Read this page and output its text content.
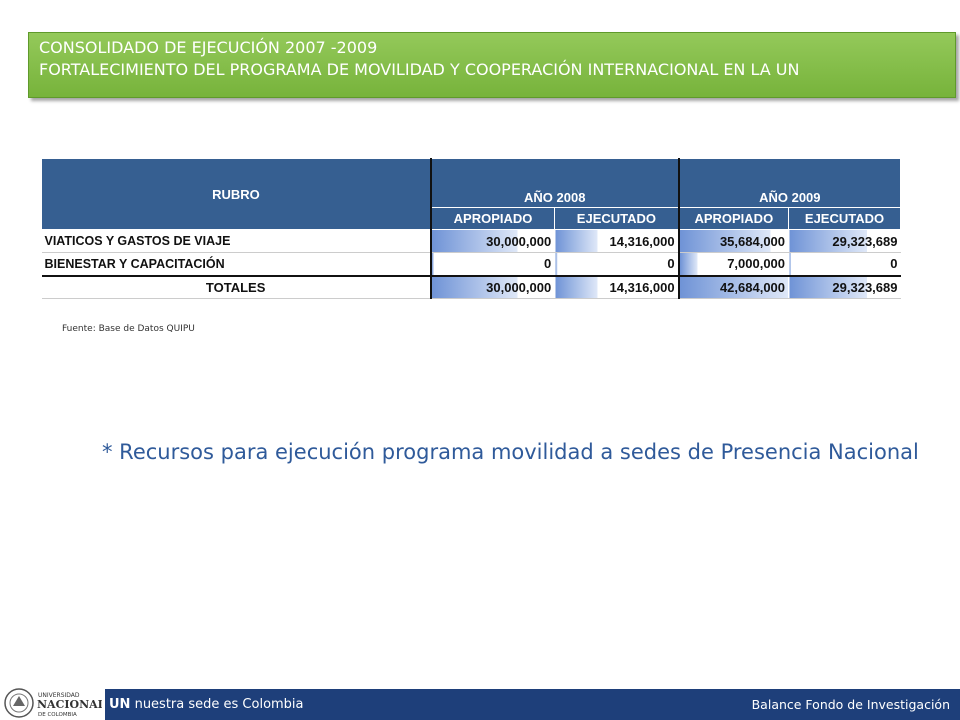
CONSOLIDADO DE EJECUCIÓN 2007 -2009
FORTALECIMIENTO DEL PROGRAMA DE MOVILIDAD Y COOPERACIÓN INTERNACIONAL EN LA UN
RUBRO	AÑO 2008		AÑO 2009	
	APROPIADO	EJECUTADO	APROPIADO	EJECUTADO
VIATICOS Y GASTOS DE VIAJE	30,000,000	14,316,000	35,684,000	29,323,689
BIENESTAR Y CAPACITACIÓN	0	0	7,000,000	0
TOTALES	30,000,000	14,316,000	42,684,000	29,323,689
Fuente: Base de Datos QUIPU
* Recursos para ejecución programa movilidad a sedes de Presencia Nacional
UNIVERSIDAD
NACIONAL
DE COLOMBIA
UN nuestra sede es Colombia	Balance Fondo de Investigación
